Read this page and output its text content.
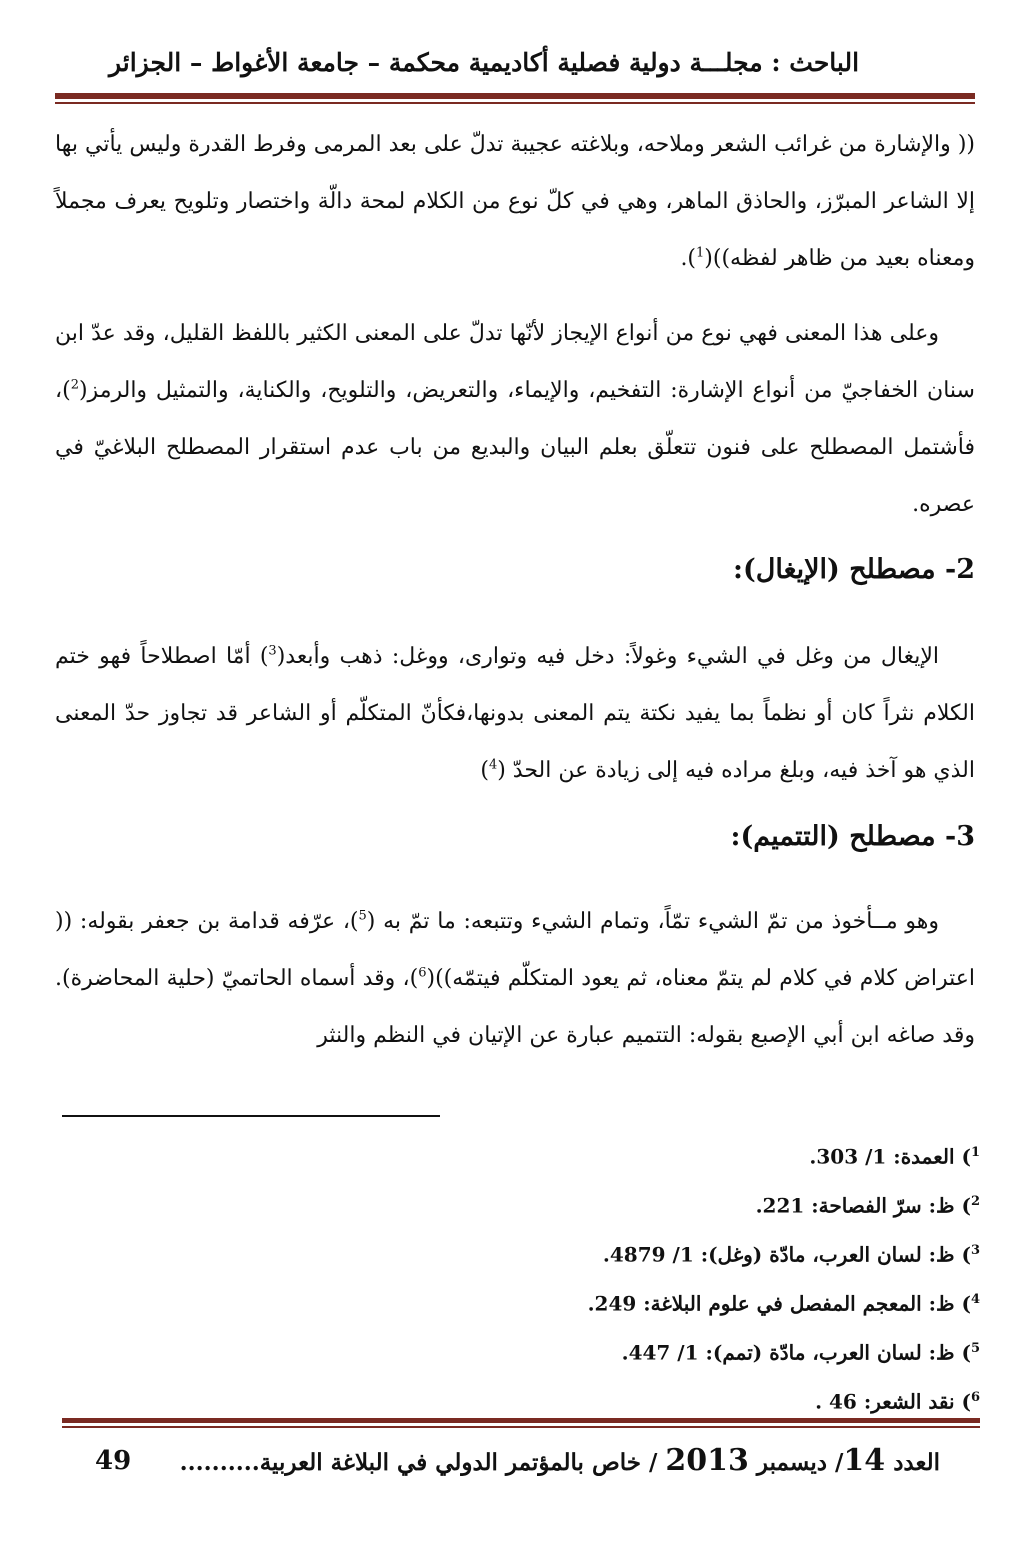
الباحث : مجلـــة دولية فصلية أكاديمية محكمة – جامعة الأغواط – الجزائر
(( والإشارة من غرائب الشعر وملاحه، وبلاغته عجيبة تدلّ على بعد المرمى وفرط القدرة وليس يأتي بها إلا الشاعر المبرّز، والحاذق الماهر، وهي في كلّ نوع من الكلام لمحة دالّة واختصار وتلويح يعرف مجملاً ومعناه بعيد من ظاهر لفظه))($^1$).
وعلى هذا المعنى فهي نوع من أنواع الإيجاز لأنّها تدلّ على المعنى الكثير باللفظ القليل، وقد عدّ ابن سنان الخفاجيّ من أنواع الإشارة: التفخيم، والإيماء، والتعريض، والتلويح، والكناية، والتمثيل والرمز($^2$)، فأشتمل المصطلح على فنون تتعلّق بعلم البيان والبديع من باب عدم استقرار المصطلح البلاغيّ في عصره.
2- مصطلح (الإيغال):
الإيغال من وغل في الشيء وغولاً: دخل فيه وتوارى، ووغل: ذهب وأبعد($^3$) أمّا اصطلاحاً فهو ختم الكلام نثراً كان أو نظماً بما يفيد نكتة يتم المعنى بدونها،فكأنّ المتكلّم أو الشاعر قد تجاوز حدّ المعنى الذي هو آخذ فيه، وبلغ مراده فيه إلى زيادة عن الحدّ ($^4$)
3- مصطلح (التتميم):
وهو مــأخوذ من تمّ الشيء تمّاً، وتمام الشيء وتتبعه: ما تمّ به ($^5$)، عرّفه قدامة بن جعفر بقوله: (( اعتراض كلام في كلام لم يتمّ معناه، ثم يعود المتكلّم فيتمّه))($^6$)، وقد أسماه الحاتميّ (حلية المحاضرة). وقد صاغه ابن أبي الإصبع بقوله: التتميم عبارة عن الإتيان في النظم والنثر
$^1$) العمدة: 1/ 303.
$^2$) ظ: سرّ الفصاحة: 221.
$^3$) ظ: لسان العرب، مادّة (وغل): 1/ 4879.
$^4$) ظ: المعجم المفصل في علوم البلاغة: 249.
$^5$) ظ: لسان العرب، مادّة (تمم): 1/ 447.
$^6$) نقد الشعر: 46 .
العدد 14/ ديسمبر 2013 / خاص بالمؤتمر الدولي في البلاغة العربية..........
49
